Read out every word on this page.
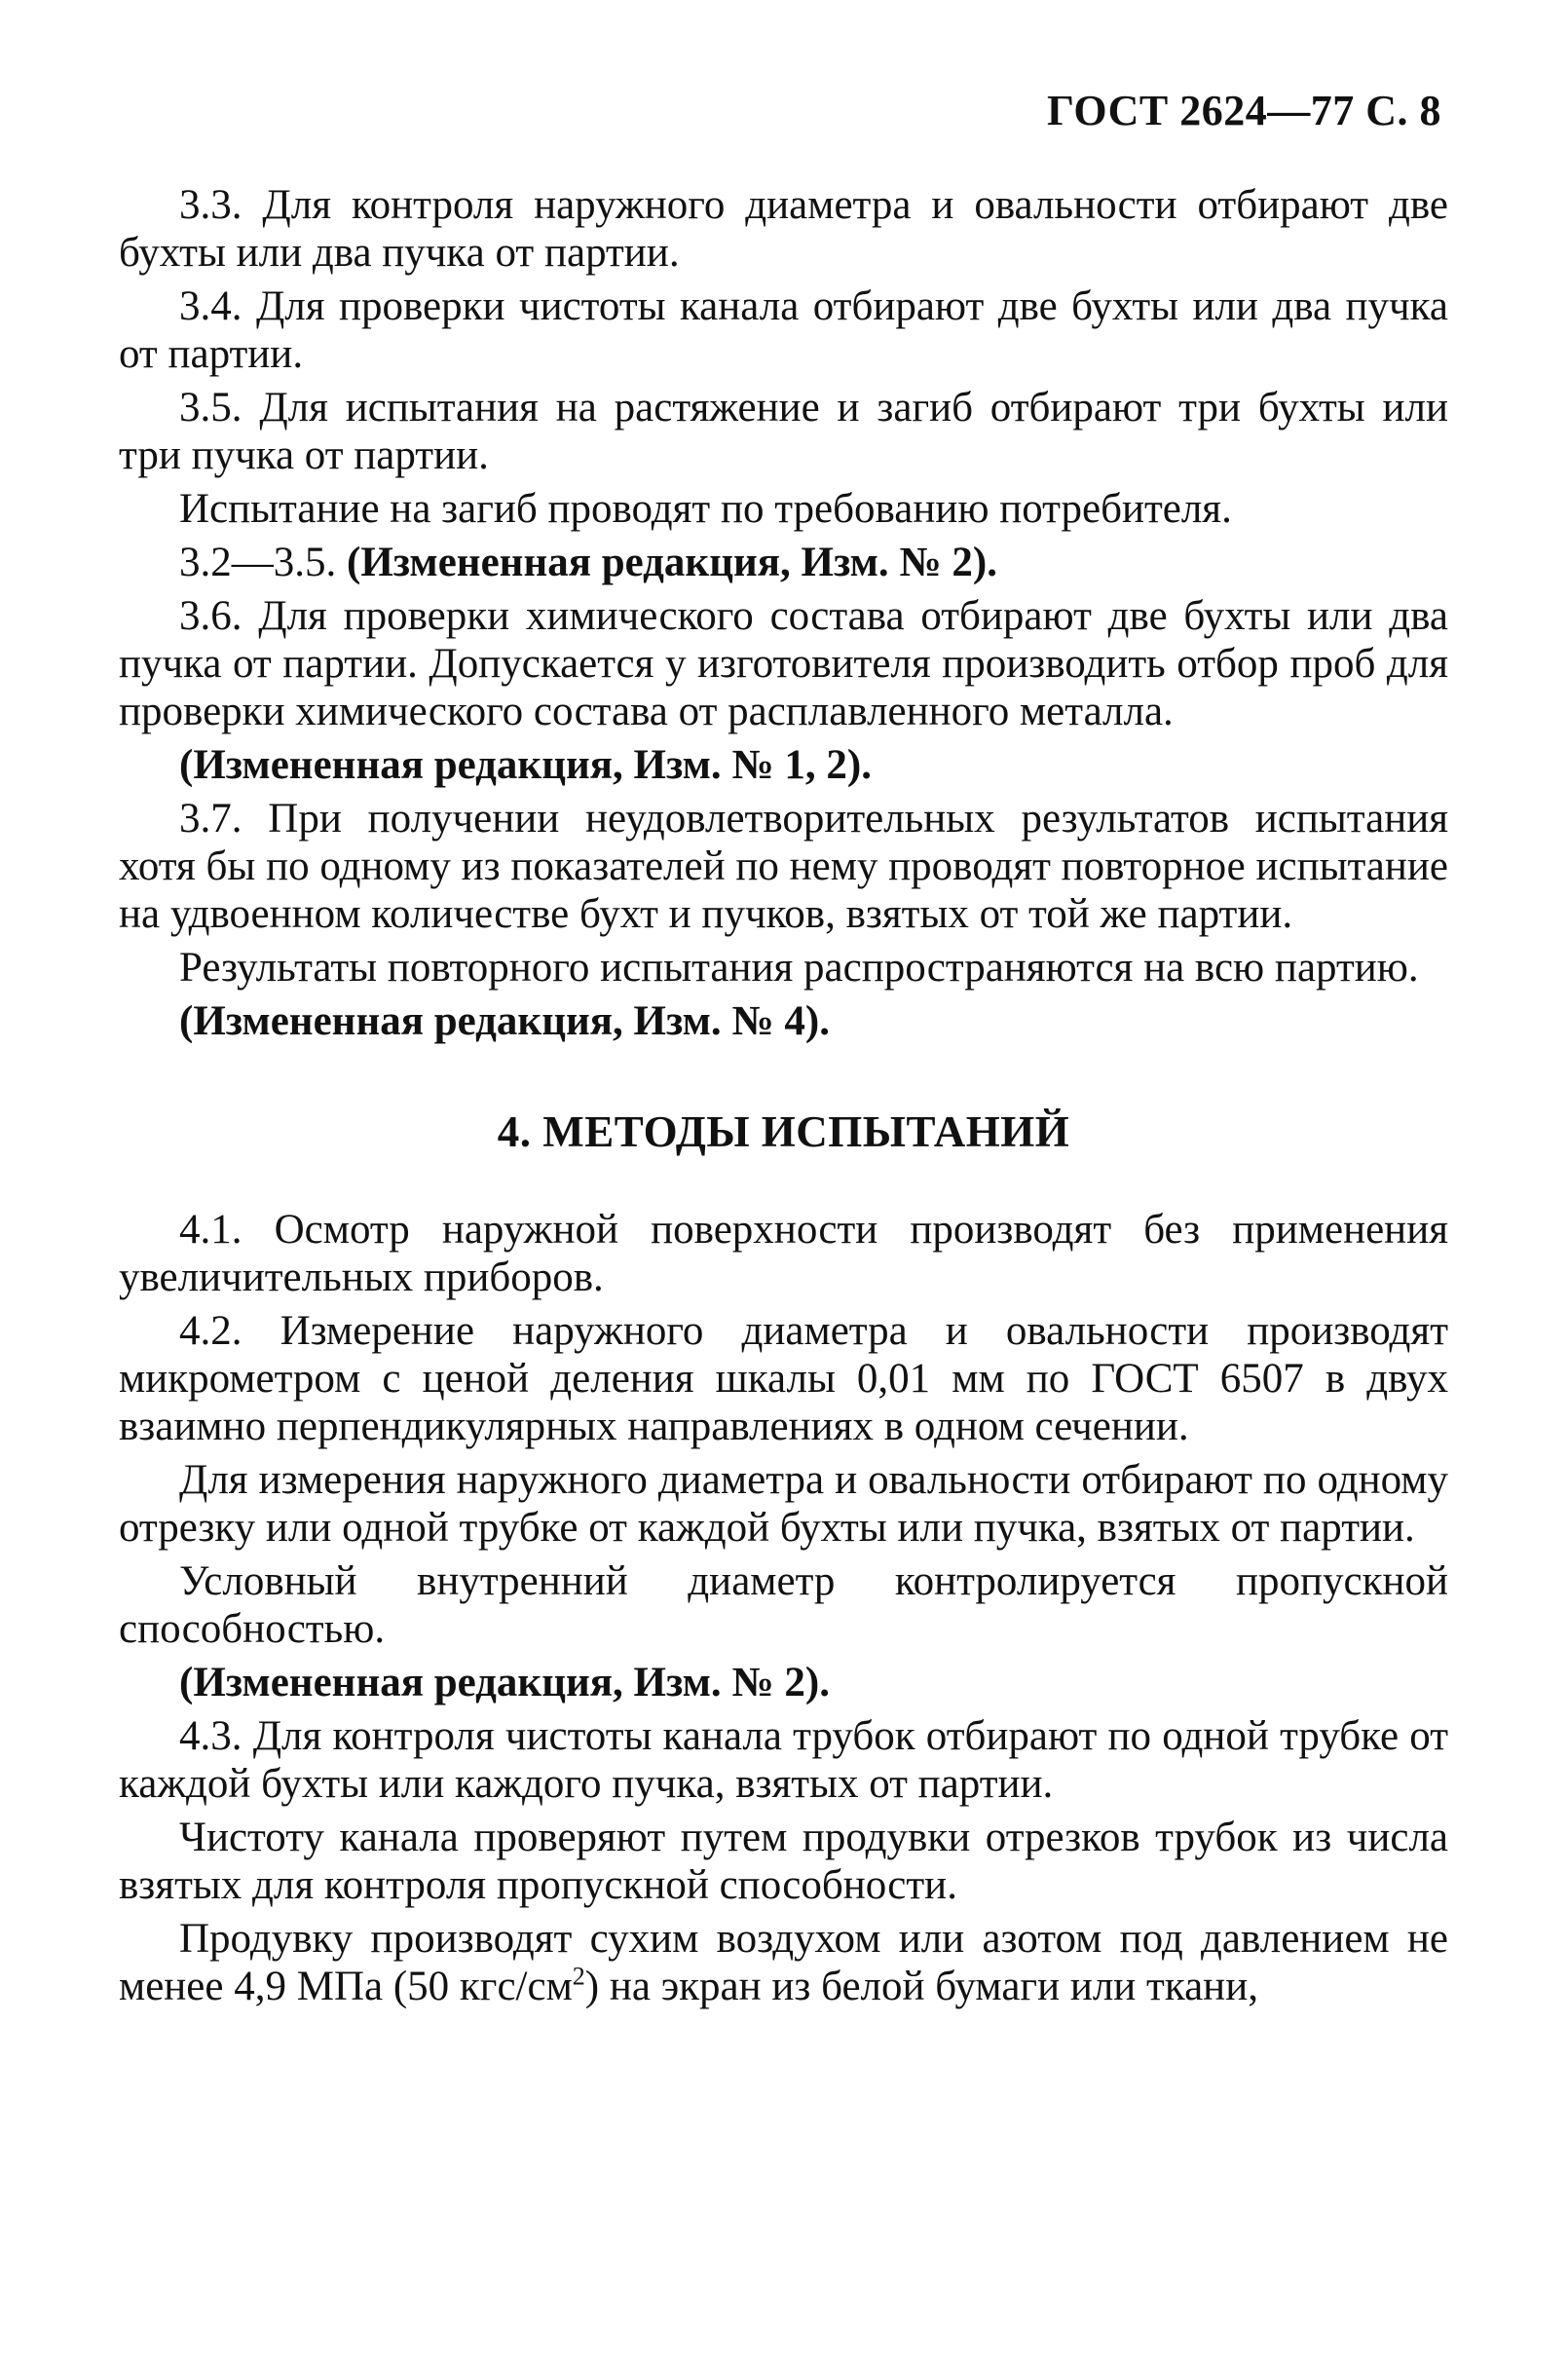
ГОСТ 2624—77 С. 8

3.3. Для контроля наружного диаметра и овальности отбирают две бухты или два пучка от партии.

3.4. Для проверки чистоты канала отбирают две бухты или два пучка от партии.

3.5. Для испытания на растяжение и загиб отбирают три бухты или три пучка от партии.

Испытание на загиб проводят по требованию потребителя.

3.2—3.5. (Измененная редакция, Изм. № 2).

3.6. Для проверки химического состава отбирают две бухты или два пучка от партии. Допускается у изготовителя производить отбор проб для проверки химического состава от расплавленного металла.

(Измененная редакция, Изм. № 1, 2).

3.7. При получении неудовлетворительных результатов испытания хотя бы по одному из показателей по нему проводят повторное испытание на удвоенном количестве бухт и пучков, взятых от той же партии.

Результаты повторного испытания распространяются на всю партию.

(Измененная редакция, Изм. № 4).

4. МЕТОДЫ ИСПЫТАНИЙ

4.1. Осмотр наружной поверхности производят без применения увеличительных приборов.

4.2. Измерение наружного диаметра и овальности производят микрометром с ценой деления шкалы 0,01 мм по ГОСТ 6507 в двух взаимно перпендикулярных направлениях в одном сечении.

Для измерения наружного диаметра и овальности отбирают по одному отрезку или одной трубке от каждой бухты или пучка, взятых от партии.

Условный внутренний диаметр контролируется пропускной способностью.

(Измененная редакция, Изм. № 2).

4.3. Для контроля чистоты канала трубок отбирают по одной трубке от каждой бухты или каждого пучка, взятых от партии.

Чистоту канала проверяют путем продувки отрезков трубок из числа взятых для контроля пропускной способности.

Продувку производят сухим воздухом или азотом под давлением не менее 4,9 МПа (50 кгс/$см^2$) на экран из белой бумаги или ткани,
